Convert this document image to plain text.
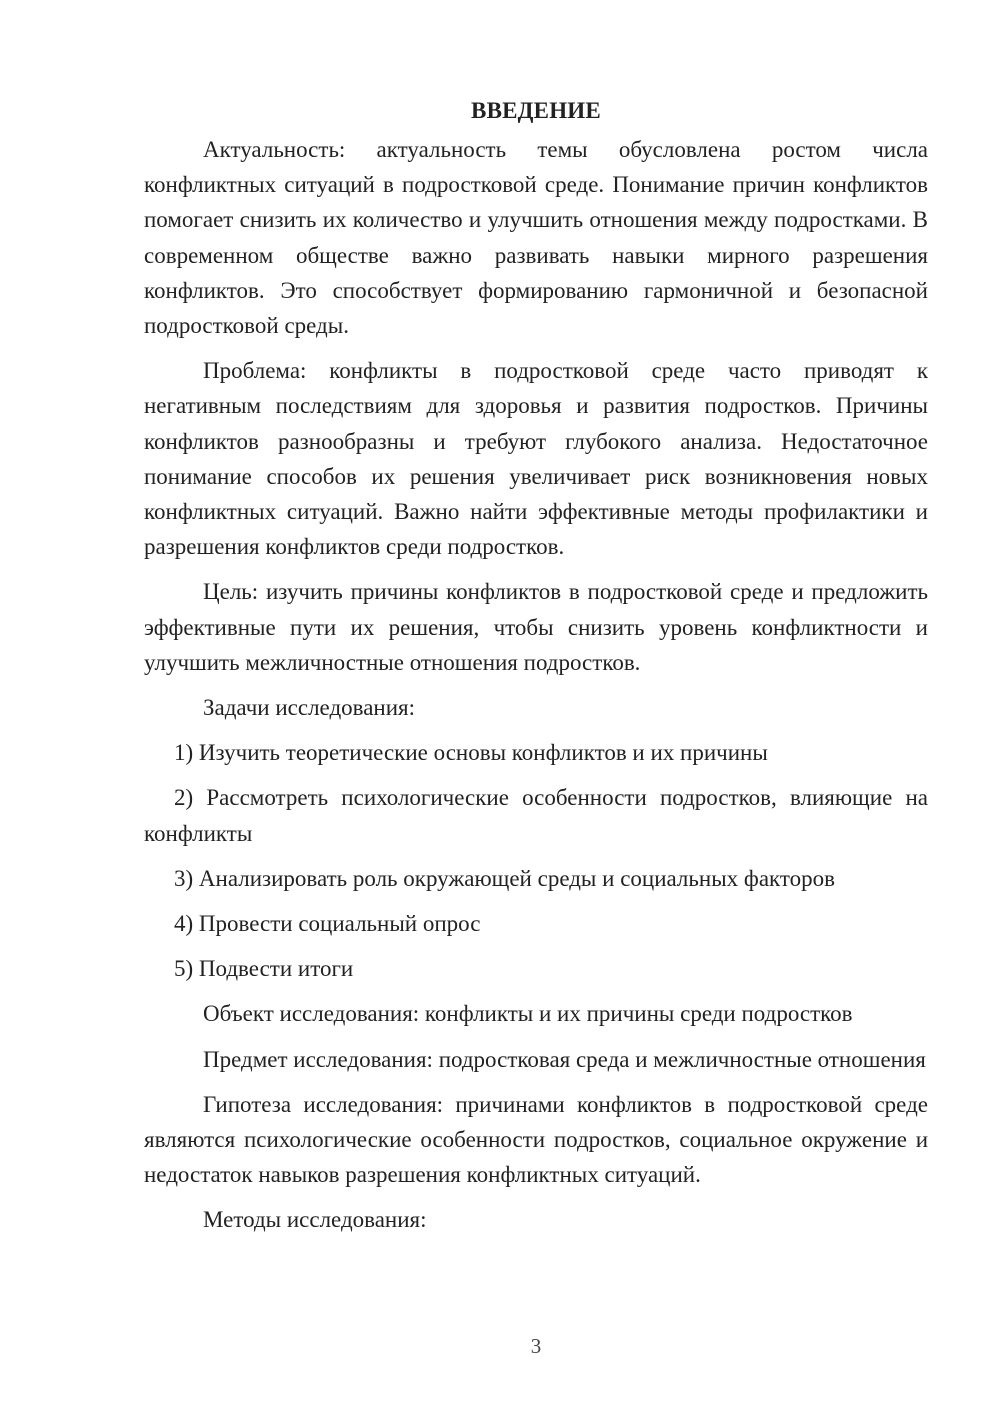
ВВЕДЕНИЕ

Актуальность: актуальность темы обусловлена ростом числа конфликтных ситуаций в подростковой среде. Понимание причин конфликтов помогает снизить их количество и улучшить отношения между подростками. В современном обществе важно развивать навыки мирного разрешения конфликтов. Это способствует формированию гармоничной и безопасной подростковой среды.

Проблема: конфликты в подростковой среде часто приводят к негативным последствиям для здоровья и развития подростков. Причины конфликтов разнообразны и требуют глубокого анализа. Недостаточное понимание способов их решения увеличивает риск возникновения новых конфликтных ситуаций. Важно найти эффективные методы профилактики и разрешения конфликтов среди подростков.

Цель: изучить причины конфликтов в подростковой среде и предложить эффективные пути их решения, чтобы снизить уровень конфликтности и улучшить межличностные отношения подростков.

Задачи исследования:

1) Изучить теоретические основы конфликтов и их причины

2) Рассмотреть психологические особенности подростков, влияющие на конфликты

3) Анализировать роль окружающей среды и социальных факторов

4) Провести социальный опрос

5) Подвести итоги

Объект исследования: конфликты и их причины среди подростков

Предмет исследования: подростковая среда и межличностные отношения

Гипотеза исследования: причинами конфликтов в подростковой среде являются психологические особенности подростков, социальное окружение и недостаток навыков разрешения конфликтных ситуаций.

Методы исследования:

3
